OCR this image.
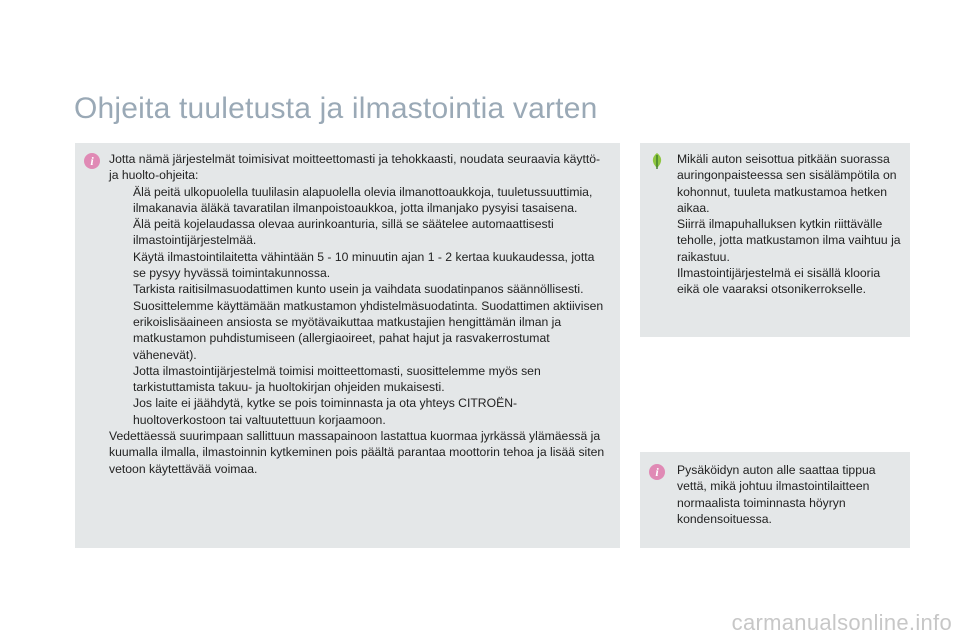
Ohjeita tuuletusta ja ilmastointia varten
i
i

Jotta nämä järjestelmät toimisivat moitteettomasti ja tehokkaasti, noudata seuraavia käyttö-ja huolto-ohjeita:

Älä peitä ulkopuolella tuulilasin alapuolella olevia ilmanottoaukkoja, tuuletussuuttimia, ilmakanavia äläkä tavaratilan ilmanpoistoaukkoa, jotta ilmanjako pysyisi tasaisena.
Älä peitä kojelaudassa olevaa aurinkoanturia, sillä se säätelee automaattisesti ilmastointijärjestelmää.
Käytä ilmastointilaitetta vähintään 5 - 10 minuutin ajan 1 - 2 kertaa kuukaudessa, jotta se pysyy hyvässä toimintakunnossa.
Tarkista raitisilmasuodattimen kunto usein ja vaihdata suodatinpanos säännöllisesti. Suosittelemme käyttämään matkustamon yhdistelmäsuodatinta. Suodattimen aktiivisen erikoislisäaineen ansiosta se myötävaikuttaa matkustajien hengittämän ilman ja matkustamon puhdistumiseen (allergiaoireet, pahat hajut ja rasvakerrostumat vähenevät).
Jotta ilmastointijärjestelmä toimisi moitteettomasti, suosittelemme myös sen tarkistuttamista takuu- ja huoltokirjan ohjeiden mukaisesti.
Jos laite ei jäähdytä, kytke se pois toiminnasta ja ota yhteys CITROËN-huoltoverkostoon tai valtuutettuun korjaamoon.

Vedettäessä suurimpaan sallittuun massapainoon lastattua kuormaa jyrkässä ylämäessä ja kuumalla ilmalla, ilmastoinnin kytkeminen pois päältä parantaa moottorin tehoa ja lisää siten vetoon käytettävää voimaa.

Mikäli auton seisottua pitkään suorassa auringonpaisteessa sen sisälämpötila on kohonnut, tuuleta matkustamoa hetken aikaa.

Siirrä ilmapuhalluksen kytkin riittävälle teholle, jotta matkustamon ilma vaihtuu ja raikastuu.

Ilmastointijärjestelmä ei sisällä klooria eikä ole vaaraksi otsonikerrokselle.

Pysäköidyn auton alle saattaa tippua vettä, mikä johtuu ilmastointilaitteen normaalista toiminnasta höyryn kondensoituessa.

carmanualsonline.info
